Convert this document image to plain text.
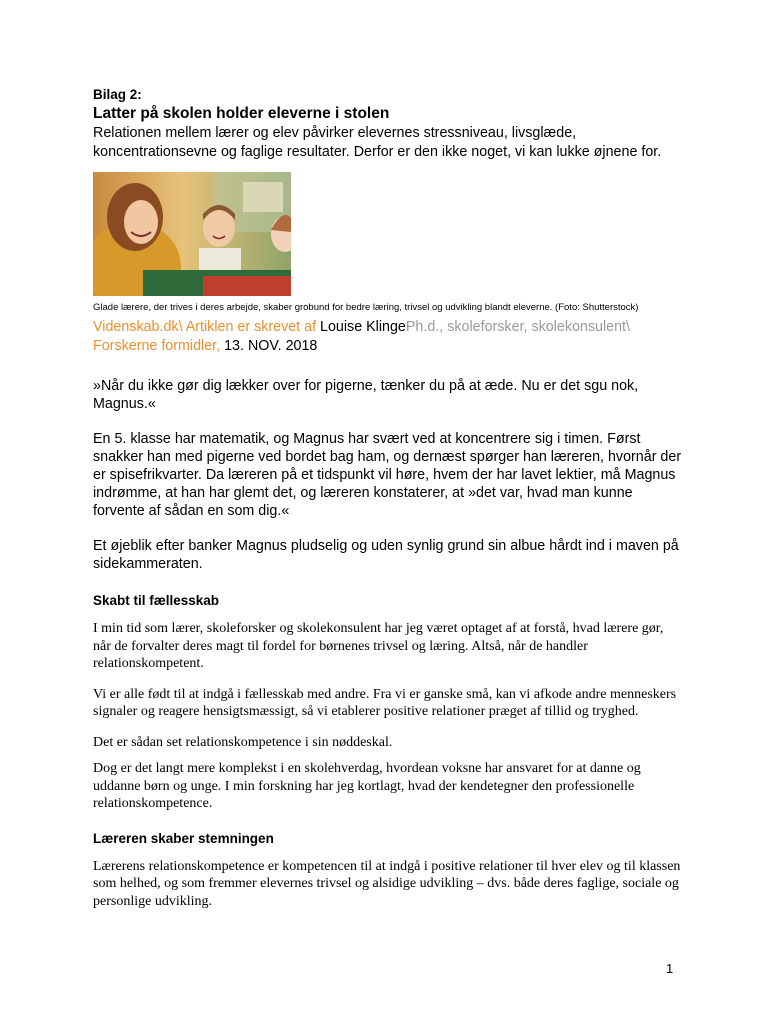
Bilag 2:

Latter på skolen holder eleverne i stolen

Relationen mellem lærer og elev påvirker elevernes stressniveau, livsglæde, koncentrationsevne og faglige resultater. Derfor er den ikke noget, vi kan lukke øjnene for.

Glade lærere, der trives i deres arbejde, skaber grobund for bedre læring, trivsel og udvikling blandt eleverne. (Foto: Shutterstock)

Videnskab.dk\ Artiklen er skrevet af Louise KlingePh.d., skoleforsker, skolekonsulent\ Forskerne formidler, 13. NOV. 2018

»Når du ikke gør dig lækker over for pigerne, tænker du på at æde. Nu er det sgu nok, Magnus.«

En 5. klasse har matematik, og Magnus har svært ved at koncentrere sig i timen. Først snakker han med pigerne ved bordet bag ham, og dernæst spørger han læreren, hvornår der er spisefrikvarter. Da læreren på et tidspunkt vil høre, hvem der har lavet lektier, må Magnus indrømme, at han har glemt det, og læreren konstaterer, at »det var, hvad man kunne forvente af sådan en som dig.«

Et øjeblik efter banker Magnus pludselig og uden synlig grund sin albue hårdt ind i maven på sidekammeraten.

Skabt til fællesskab

I min tid som lærer, skoleforsker og skolekonsulent har jeg været optaget af at forstå, hvad lærere gør, når de forvalter deres magt til fordel for børnenes trivsel og læring. Altså, når de handler relationskompetent.

Vi er alle født til at indgå i fællesskab med andre. Fra vi er ganske små, kan vi afkode andre menneskers signaler og reagere hensigtsmæssigt, så vi etablerer positive relationer præget af tillid og tryghed.

Det er sådan set relationskompetence i sin nøddeskal.

Dog er det langt mere komplekst i en skolehverdag, hvordean voksne har ansvaret for at danne og uddanne børn og unge. I min forskning har jeg kortlagt, hvad der kendetegner den professionelle relationskompetence.

Læreren skaber stemningen

Lærerens relationskompetence er kompetencen til at indgå i positive relationer til hver elev og til klassen som helhed, og som fremmer elevernes trivsel og alsidige udvikling – dvs. både deres faglige, sociale og personlige udvikling.

1
